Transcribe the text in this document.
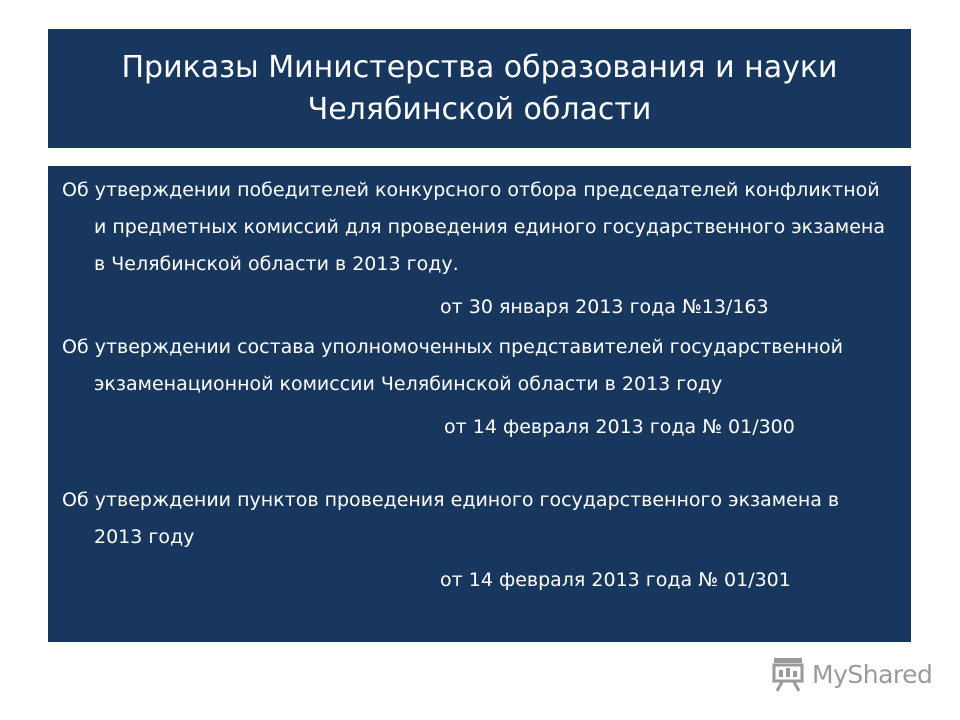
Приказы Министерства образования и науки
Челябинской области
Об утверждении победителей конкурсного отбора председателей конфликтной и предметных комиссий для проведения единого государственного экзамена в Челябинской области в 2013 году.
от 30 января 2013 года №13/163
Об утверждении состава уполномоченных представителей государственной экзаменационной комиссии Челябинской области в 2013 году
от 14 февраля 2013 года № 01/300
Об утверждении пунктов проведения единого государственного экзамена в 2013 году
от 14 февраля 2013 года № 01/301
MyShared
